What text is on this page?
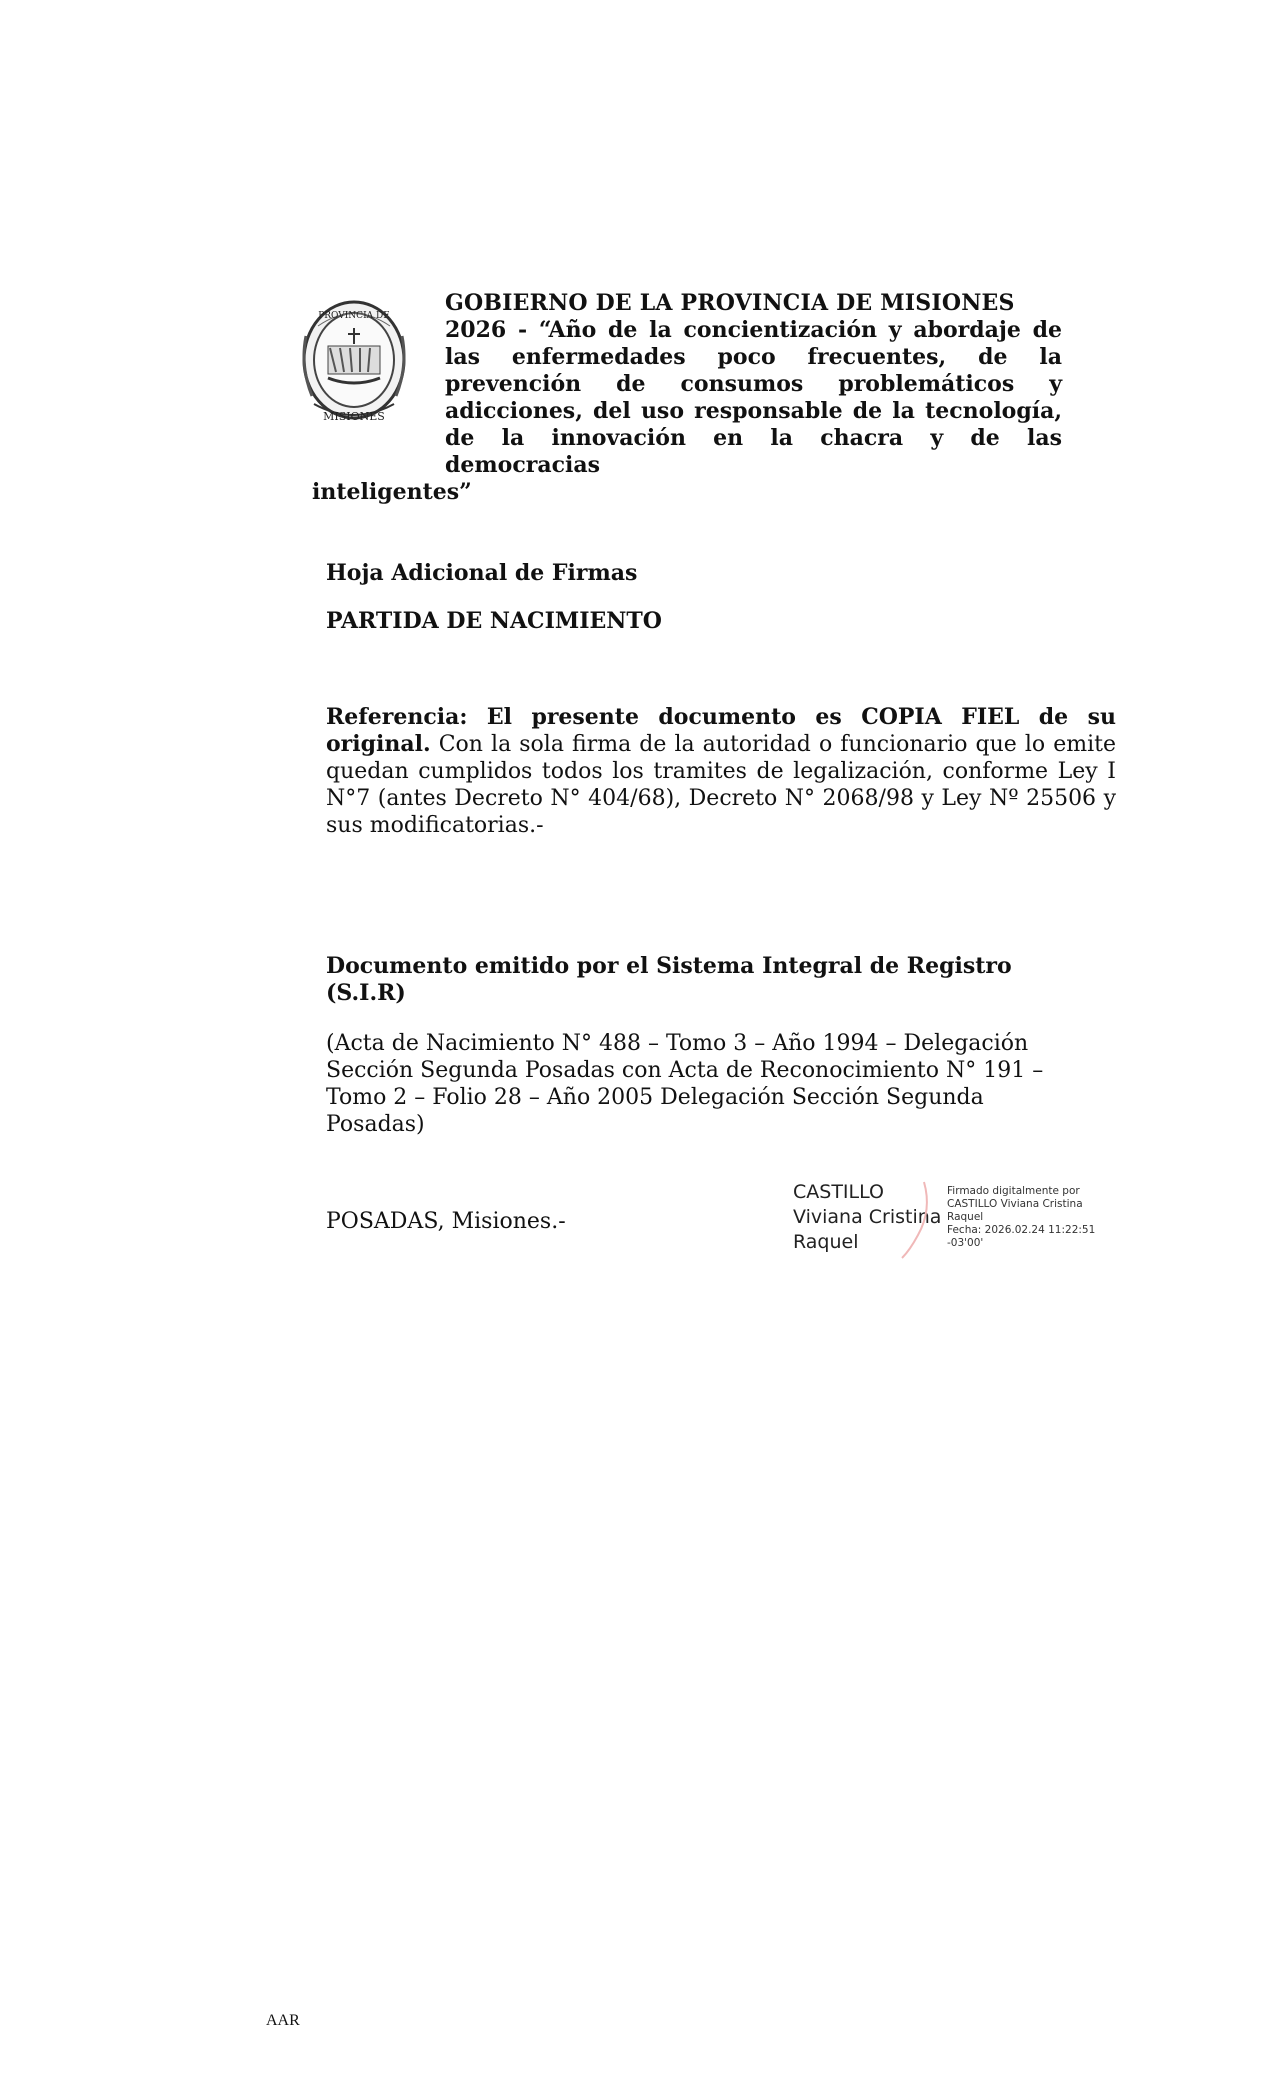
PROVINCIA DE
MISIONES
GOBIERNO DE LA PROVINCIA DE MISIONES
2026 - “Año de la concientización y abordaje de
las enfermedades poco frecuentes, de la
prevención de consumos problemáticos y
adicciones, del uso responsable de la tecnología,
de la innovación en la chacra y de las democracias
inteligentes”
Hoja Adicional de Firmas
PARTIDA DE NACIMIENTO
Referencia: El presente documento es COPIA FIEL de su original. Con la sola firma de la autoridad o funcionario que lo emite quedan cumplidos todos los tramites de legalización, conforme Ley I N°7 (antes Decreto N° 404/68), Decreto N° 2068/98 y Ley Nº 25506 y sus modificatorias.-
Documento emitido por el Sistema Integral de Registro
(S.I.R)
(Acta de Nacimiento N° 488 – Tomo 3 – Año 1994 – Delegación
Sección Segunda Posadas con Acta de Reconocimiento N° 191 –
Tomo 2 – Folio 28 – Año 2005 Delegación Sección Segunda
Posadas)
POSADAS, Misiones.-
CASTILLO
Viviana Cristina
Raquel
Firmado digitalmente por
CASTILLO Viviana Cristina
Raquel
Fecha: 2026.02.24 11:22:51
-03'00'
AAR
